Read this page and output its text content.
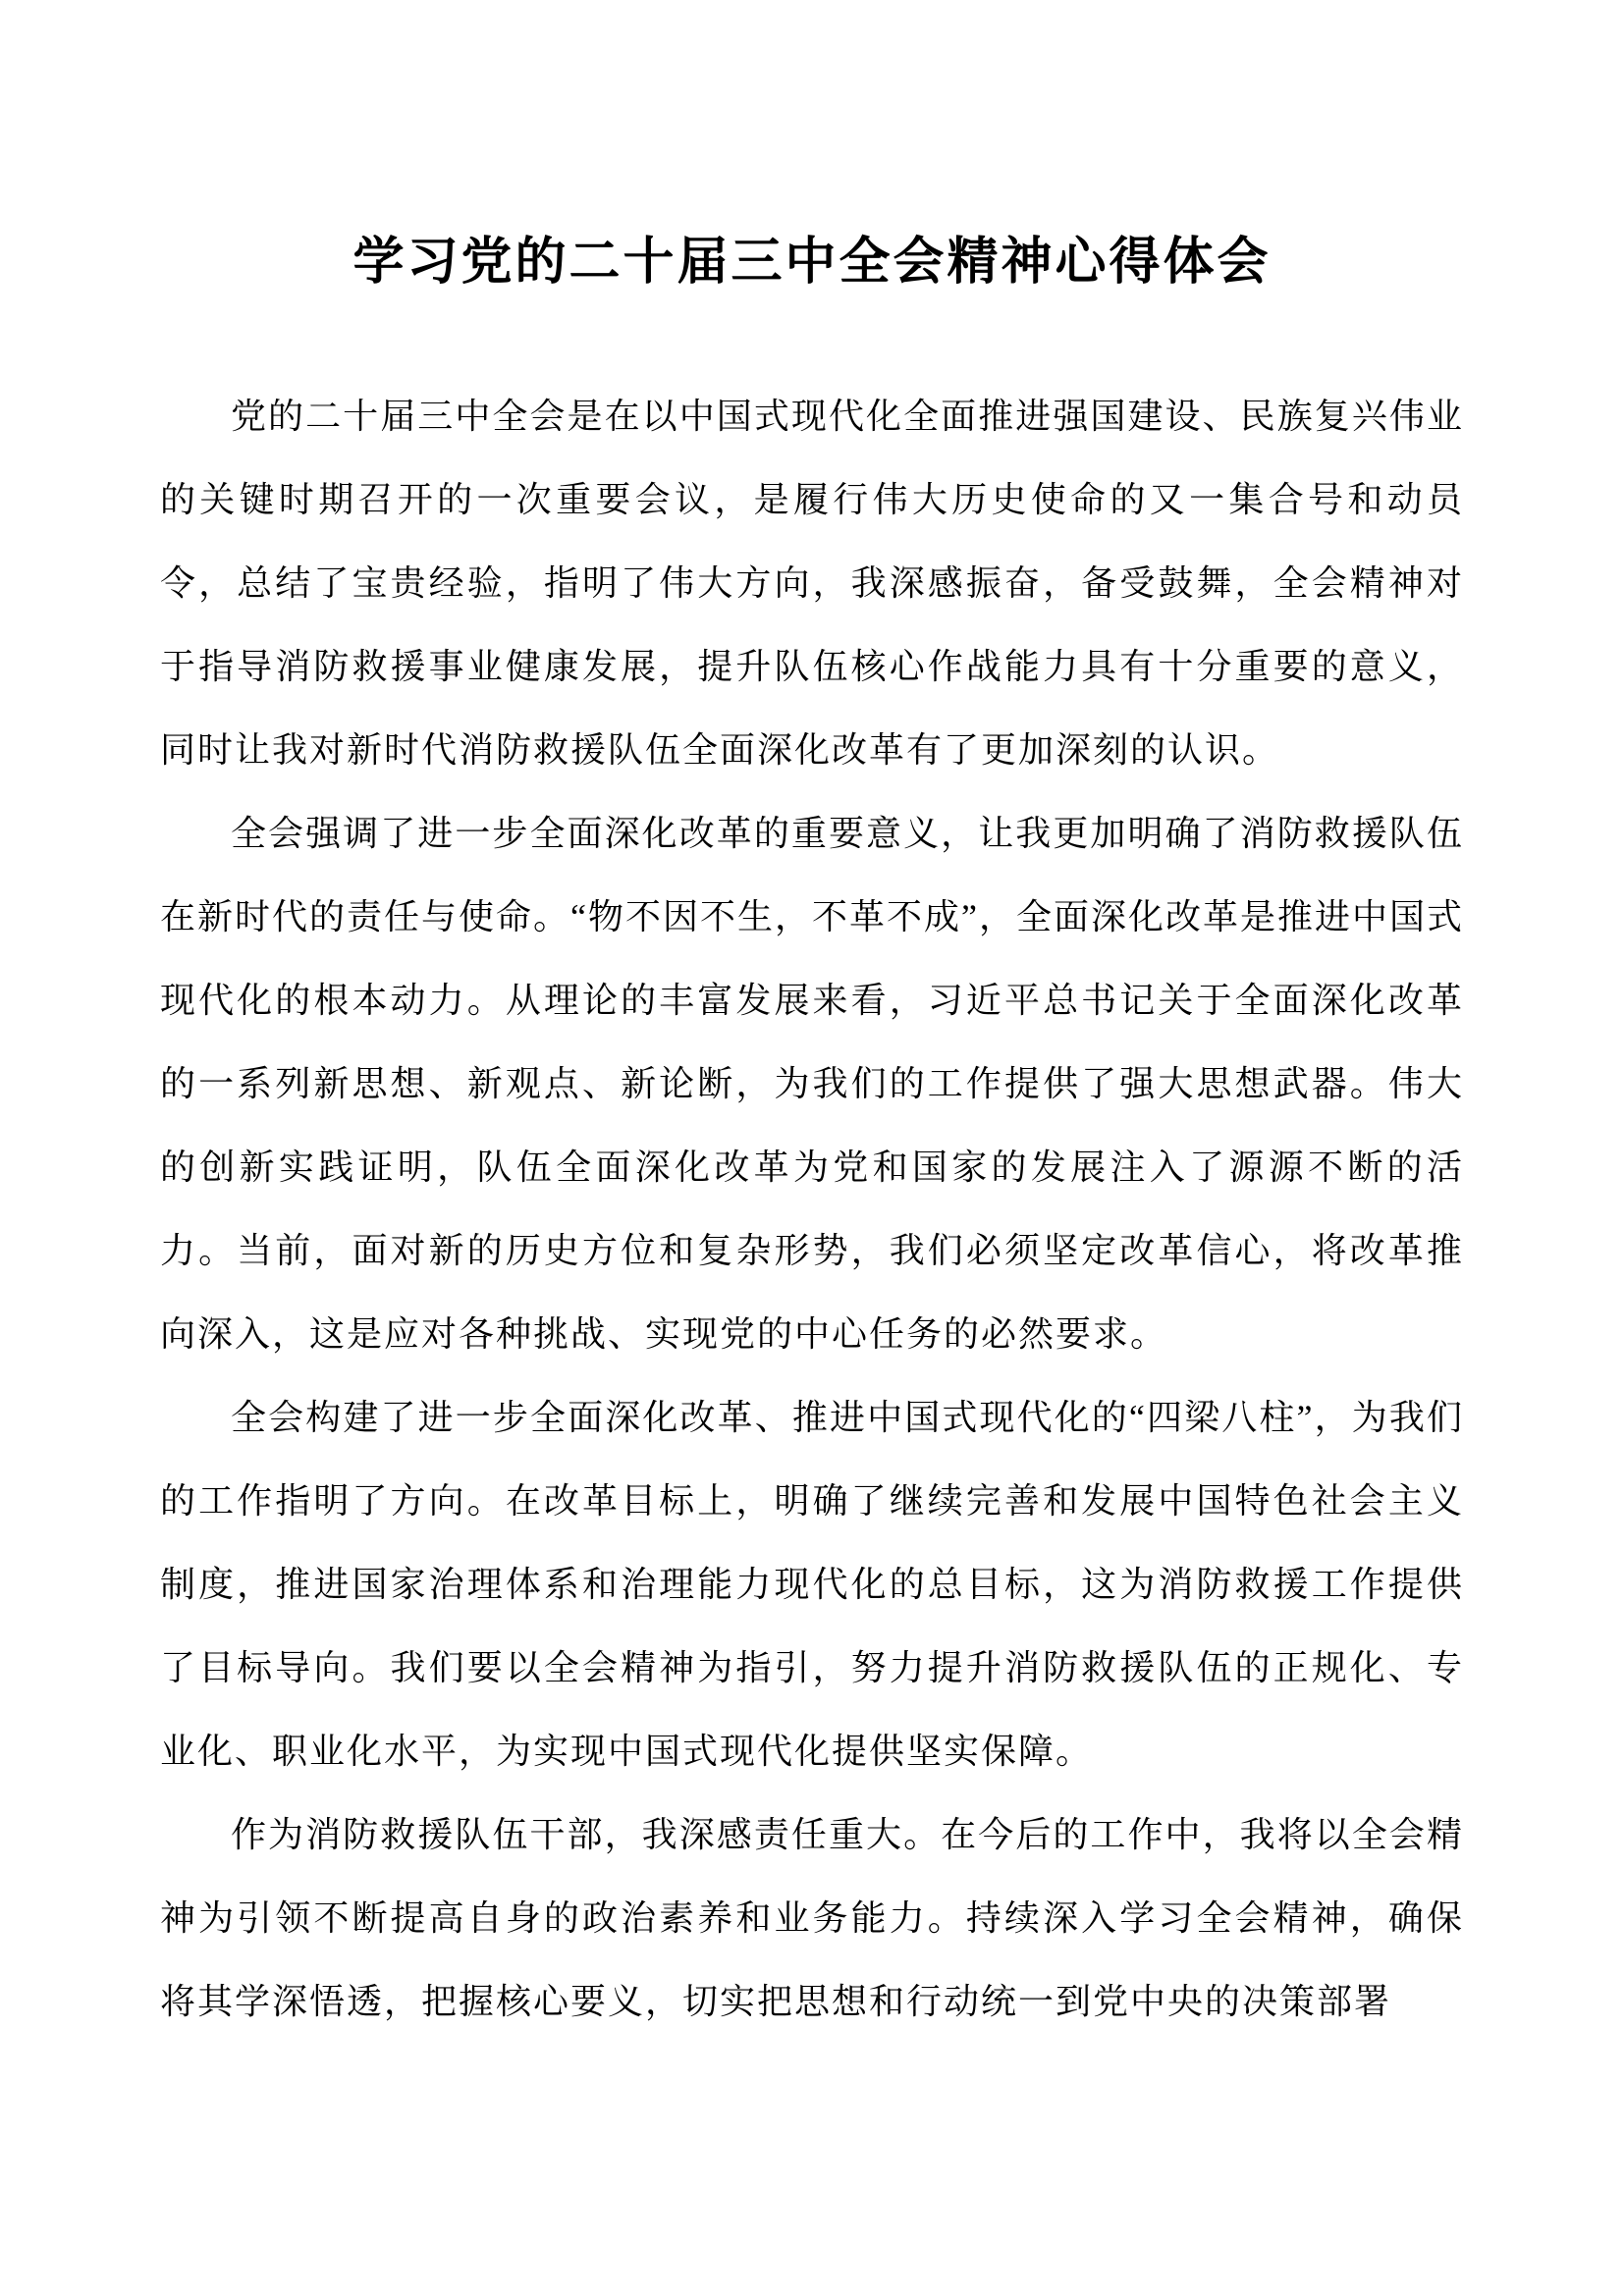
学习党的二十届三中全会精神心得体会

党的二十届三中全会是在以中国式现代化全面推进强国建设、民族复兴伟业的关键时期召开的一次重要会议，是履行伟大历史使命的又一集合号和动员令，总结了宝贵经验，指明了伟大方向，我深感振奋，备受鼓舞，全会精神对于指导消防救援事业健康发展，提升队伍核心作战能力具有十分重要的意义，同时让我对新时代消防救援队伍全面深化改革有了更加深刻的认识。

全会强调了进一步全面深化改革的重要意义，让我更加明确了消防救援队伍在新时代的责任与使命。“物不因不生，不革不成”，全面深化改革是推进中国式现代化的根本动力。从理论的丰富发展来看，习近平总书记关于全面深化改革的一系列新思想、新观点、新论断，为我们的工作提供了强大思想武器。伟大的创新实践证明，队伍全面深化改革为党和国家的发展注入了源源不断的活力。当前，面对新的历史方位和复杂形势，我们必须坚定改革信心，将改革推向深入，这是应对各种挑战、实现党的中心任务的必然要求。

全会构建了进一步全面深化改革、推进中国式现代化的“四梁八柱”，为我们的工作指明了方向。在改革目标上，明确了继续完善和发展中国特色社会主义制度，推进国家治理体系和治理能力现代化的总目标，这为消防救援工作提供了目标导向。我们要以全会精神为指引，努力提升消防救援队伍的正规化、专业化、职业化水平，为实现中国式现代化提供坚实保障。

作为消防救援队伍干部，我深感责任重大。在今后的工作中，我将以全会精神为引领不断提高自身的政治素养和业务能力。持续深入学习全会精神，确保将其学深悟透，把握核心要义，切实把思想和行动统一到党中央的决策部署
